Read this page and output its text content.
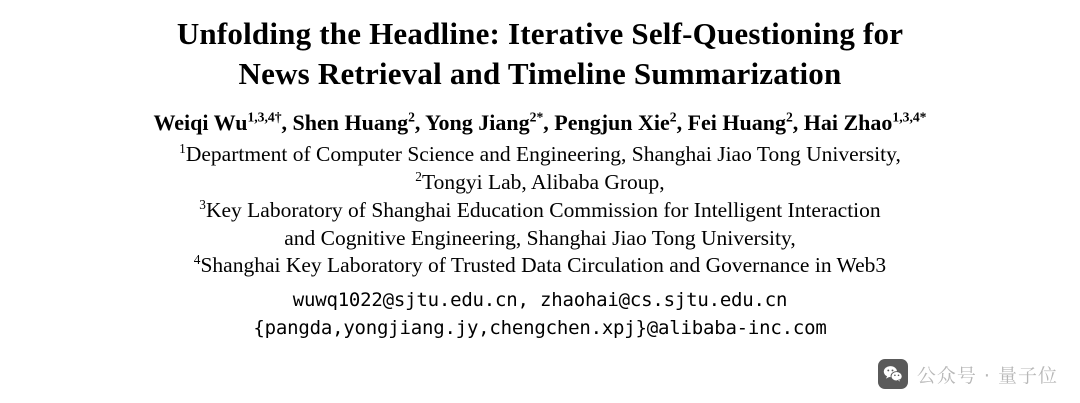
Unfolding the Headline: Iterative Self-Questioning for
News Retrieval and Timeline Summarization
Weiqi $Wu^{1,3,4\dagger}$, Shen Huang$^2$, Yong Jiang$^{2*}$, Pengjun Xie$^2$, Fei Huang$^2$, Hai Zhao$^{1,3,4*}$
$^1$Department of Computer Science and Engineering, Shanghai Jiao Tong University,
$^2$Tongyi Lab, Alibaba Group,
$^3$Key Laboratory of Shanghai Education Commission for Intelligent Interaction
and Cognitive Engineering, Shanghai Jiao Tong University,
$^4$Shanghai Key Laboratory of Trusted Data Circulation and Governance in Web3
wuwq1022@sjtu.edu.cn, zhaohai@cs.sjtu.edu.cn
{pangda,yongjiang.jy,chengchen.xpj}@alibaba-inc.com
公众号 · 量子位
